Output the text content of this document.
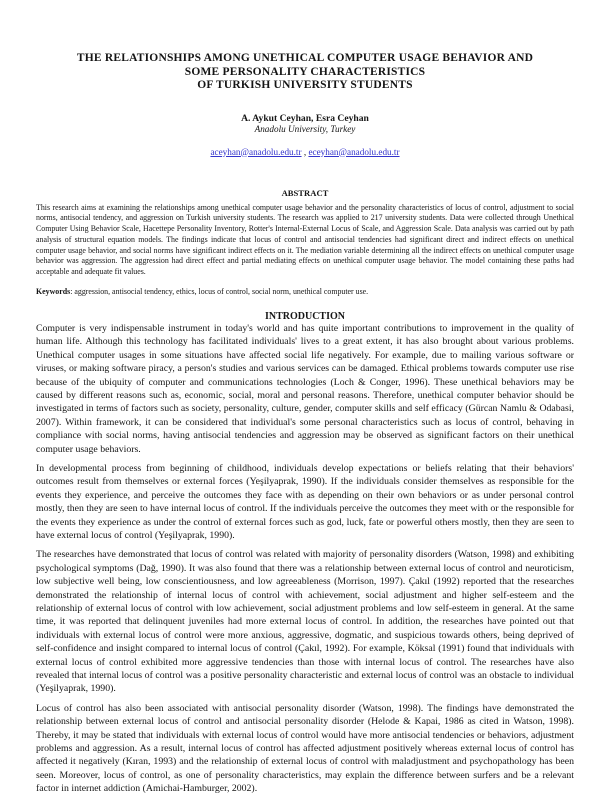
THE RELATIONSHIPS AMONG UNETHICAL COMPUTER USAGE BEHAVIOR AND
SOME PERSONALITY CHARACTERISTICS
OF TURKISH UNIVERSITY STUDENTS
A. Aykut Ceyhan, Esra Ceyhan
Anadolu University, Turkey
aceyhan@anadolu.edu.tr , eceyhan@anadolu.edu.tr
ABSTRACT

This research aims at examining the relationships among unethical computer usage behavior and the personality characteristics of locus of control, adjustment to social norms, antisocial tendency, and aggression on Turkish university students. The research was applied to 217 university students. Data were collected through Unethical Computer Using Behavior Scale, Hacettepe Personality Inventory, Rotter's Internal-External Locus of Scale, and Aggression Scale. Data analysis was carried out by path analysis of structural equation models. The findings indicate that locus of control and antisocial tendencies had significant direct and indirect effects on unethical computer usage behavior, and social norms have significant indirect effects on it. The mediation variable determining all the indirect effects on unethical computer usage behavior was aggression. The aggression had direct effect and partial mediating effects on unethical computer usage behavior. The model containing these paths had acceptable and adequate fit values.

Keywords: aggression, antisocial tendency, ethics, locus of control, social norm, unethical computer use.
INTRODUCTION

Computer is very indispensable instrument in today's world and has quite important contributions to improvement in the quality of human life. Although this technology has facilitated individuals' lives to a great extent, it has also brought about various problems. Unethical computer usages in some situations have affected social life negatively. For example, due to mailing various software or viruses, or making software piracy, a person's studies and various services can be damaged. Ethical problems towards computer use rise because of the ubiquity of computer and communications technologies (Loch & Conger, 1996). These unethical behaviors may be caused by different reasons such as, economic, social, moral and personal reasons. Therefore, unethical computer behavior should be investigated in terms of factors such as society, personality, culture, gender, computer skills and self efficacy (Gürcan Namlu & Odabasi, 2007). Within framework, it can be considered that individual's some personal characteristics such as locus of control, behaving in compliance with social norms, having antisocial tendencies and aggression may be observed as significant factors on their unethical computer usage behaviors.

In developmental process from beginning of childhood, individuals develop expectations or beliefs relating that their behaviors' outcomes result from themselves or external forces (Yeşilyaprak, 1990). If the individuals consider themselves as responsible for the events they experience, and perceive the outcomes they face with as depending on their own behaviors or as under personal control mostly, then they are seen to have internal locus of control. If the individuals perceive the outcomes they meet with or the responsible for the events they experience as under the control of external forces such as god, luck, fate or powerful others mostly, then they are seen to have external locus of control (Yeşilyaprak, 1990).

The researches have demonstrated that locus of control was related with majority of personality disorders (Watson, 1998) and exhibiting psychological symptoms (Dağ, 1990). It was also found that there was a relationship between external locus of control and neuroticism, low subjective well being, low conscientiousness, and low agreeableness (Morrison, 1997). Çakıl (1992) reported that the researches demonstrated the relationship of internal locus of control with achievement, social adjustment and higher self-esteem and the relationship of external locus of control with low achievement, social adjustment problems and low self-esteem in general. At the same time, it was reported that delinquent juveniles had more external locus of control. In addition, the researches have pointed out that individuals with external locus of control were more anxious, aggressive, dogmatic, and suspicious towards others, being deprived of self-confidence and insight compared to internal locus of control (Çakıl, 1992). For example, Köksal (1991) found that individuals with external locus of control exhibited more aggressive tendencies than those with internal locus of control. The researches have also revealed that internal locus of control was a positive personality characteristic and external locus of control was an obstacle to individual (Yeşilyaprak, 1990).

Locus of control has also been associated with antisocial personality disorder (Watson, 1998). The findings have demonstrated the relationship between external locus of control and antisocial personality disorder (Helode & Kapai, 1986 as cited in Watson, 1998). Thereby, it may be stated that individuals with external locus of control would have more antisocial tendencies or behaviors, adjustment problems and aggression. As a result, internal locus of control has affected adjustment positively whereas external locus of control has affected it negatively (Kıran, 1993) and the relationship of external locus of control with maladjustment and psychopathology has been seen. Moreover, locus of control, as one of personality characteristics, may explain the difference between surfers and be a relevant factor in internet addiction (Amichai-Hamburger, 2002).
